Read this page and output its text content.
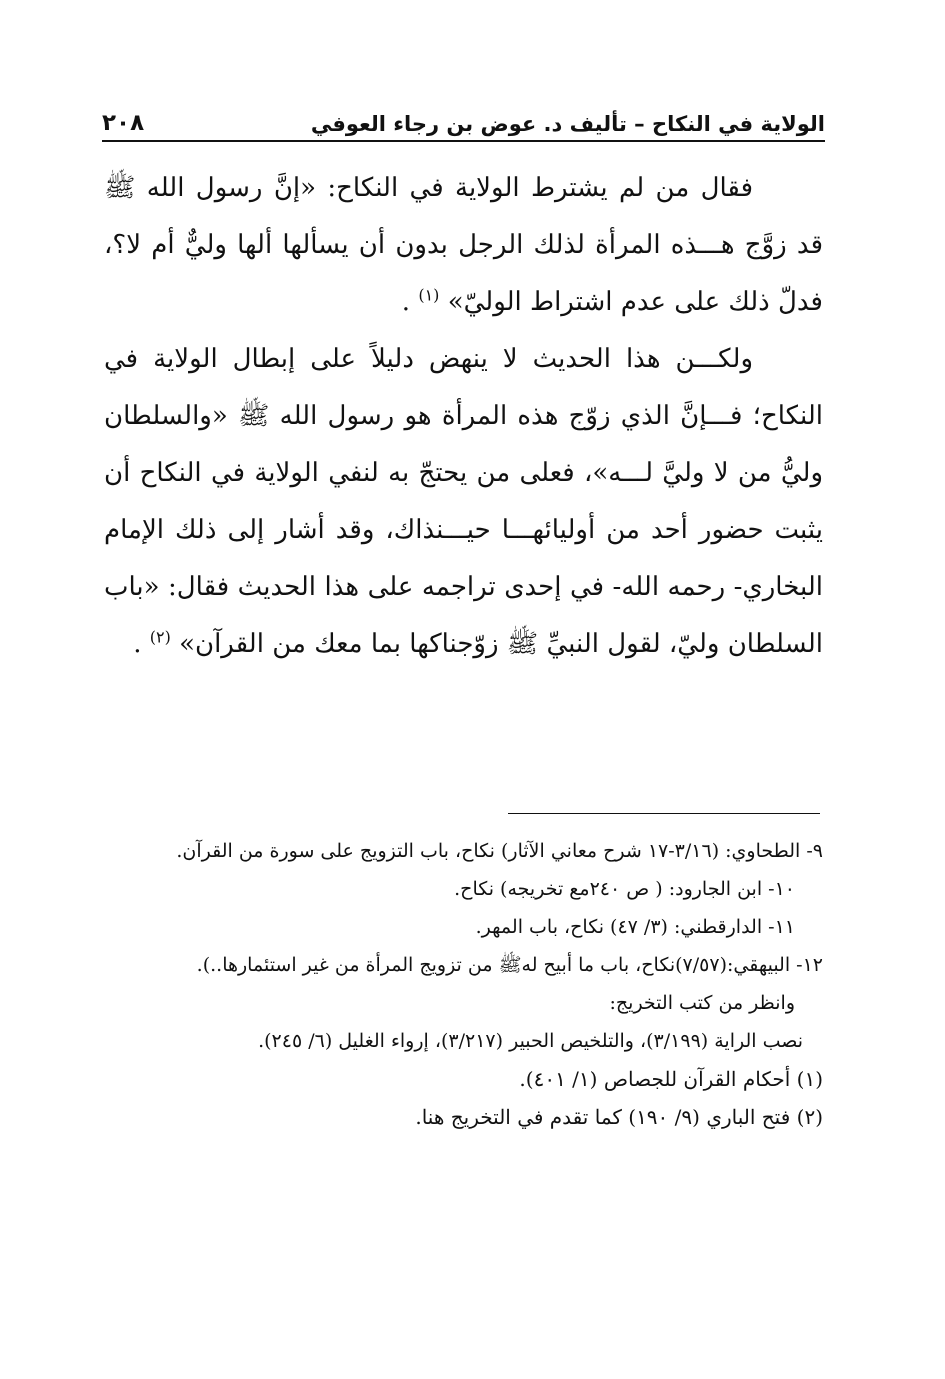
الولاية في النكاح – تأليف د. عوض بن رجاء العوفي
٢٠٨

فقال من لم يشترط الولاية في النكاح: «إنَّ رسول الله ﷺ قد زوَّج هـــذه المرأة لذلك الرجل بدون أن يسألها ألها وليٌّ أم لا؟، فدلّ ذلك على عدم اشتراط الوليّ» $^{(١)}$ .

ولكـــن هذا الحديث لا ينهض دليلاً على إبطال الولاية في النكاح؛ فـــإنَّ الذي زوّج هذه المرأة هو رسول الله ﷺ «والسلطان وليُّ من لا وليَّ لـــه»، فعلى من يحتجّ به لنفي الولاية في النكاح أن يثبت حضور أحد من أوليائهـــا حيـــنذاك، وقد أشار إلى ذلك الإمام البخاري- رحمه الله- في إحدى تراجمه على هذا الحديث فقال: «باب السلطان وليّ، لقول النبيِّ ﷺ زوّجناكها بما معك من القرآن» $^{(٢)}$ .

٩- الطحاوي: (٣/١٦-١٧ شرح معاني الآثار) نكاح، باب التزويج على سورة من القرآن.

١٠- ابن الجارود: ( ص ٢٤٠مع تخريجه) نكاح.

١١- الدارقطني: (٣/ ٤٧) نكاح، باب المهر.

١٢- البيهقي:(٧/٥٧)نكاح، باب ما أبيح لهﷺ من تزويج المرأة من غير استئمارها..).

وانظر من كتب التخريج:

نصب الراية (٣/١٩٩)، والتلخيص الحبير (٣/٢١٧)، إرواء الغليل (٦/ ٢٤٥).

(١) أحكام القرآن للجصاص (١/ ٤٠١).

(٢) فتح الباري (٩/ ١٩٠) كما تقدم في التخريج هنا.
